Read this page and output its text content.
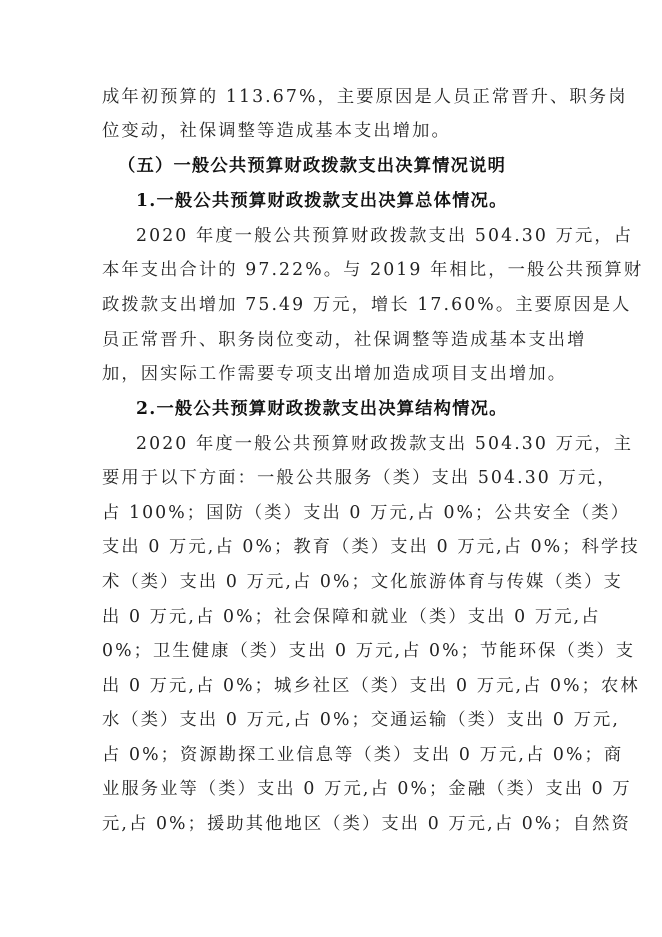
成年初预算的 113.67%，主要原因是人员正常晋升、职务岗
位变动，社保调整等造成基本支出增加。
（五）一般公共预算财政拨款支出决算情况说明
1.一般公共预算财政拨款支出决算总体情况。
2020 年度一般公共预算财政拨款支出 504.30 万元，占
本年支出合计的 97.22%。与 2019 年相比，一般公共预算财
政拨款支出增加 75.49 万元，增长 17.60%。主要原因是人
员正常晋升、职务岗位变动，社保调整等造成基本支出增
加，因实际工作需要专项支出增加造成项目支出增加。
2.一般公共预算财政拨款支出决算结构情况。
2020 年度一般公共预算财政拨款支出 504.30 万元，主
要用于以下方面：一般公共服务（类）支出 504.30 万元，
占 100%；国防（类）支出 0 万元,占 0%；公共安全（类）
支出 0 万元,占 0%；教育（类）支出 0 万元,占 0%；科学技
术（类）支出 0 万元,占 0%；文化旅游体育与传媒（类）支
出 0 万元,占 0%；社会保障和就业（类）支出 0 万元,占
0%；卫生健康（类）支出 0 万元,占 0%；节能环保（类）支
出 0 万元,占 0%；城乡社区（类）支出 0 万元,占 0%；农林
水（类）支出 0 万元,占 0%；交通运输（类）支出 0 万元,
占 0%；资源勘探工业信息等（类）支出 0 万元,占 0%；商
业服务业等（类）支出 0 万元,占 0%；金融（类）支出 0 万
元,占 0%；援助其他地区（类）支出 0 万元,占 0%；自然资
